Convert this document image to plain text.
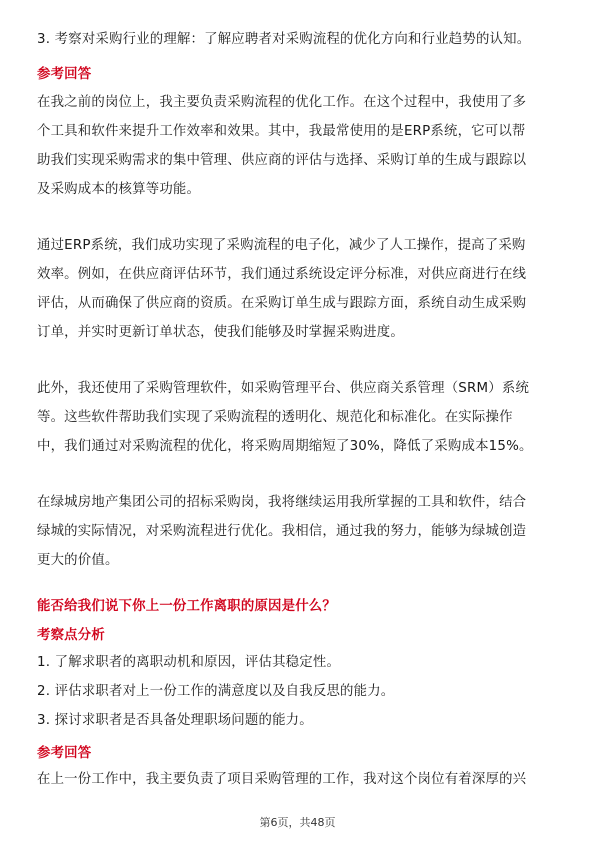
3. 考察对采购行业的理解：了解应聘者对采购流程的优化方向和行业趋势的认知。
参考回答
在我之前的岗位上，我主要负责采购流程的优化工作。在这个过程中，我使用了多
个工具和软件来提升工作效率和效果。其中，我最常使用的是ERP系统，它可以帮
助我们实现采购需求的集中管理、供应商的评估与选择、采购订单的生成与跟踪以
及采购成本的核算等功能。
通过ERP系统，我们成功实现了采购流程的电子化，减少了人工操作，提高了采购
效率。例如，在供应商评估环节，我们通过系统设定评分标准，对供应商进行在线
评估，从而确保了供应商的资质。在采购订单生成与跟踪方面，系统自动生成采购
订单，并实时更新订单状态，使我们能够及时掌握采购进度。
此外，我还使用了采购管理软件，如采购管理平台、供应商关系管理（SRM）系统
等。这些软件帮助我们实现了采购流程的透明化、规范化和标准化。在实际操作
中，我们通过对采购流程的优化，将采购周期缩短了30%，降低了采购成本15%。
在绿城房地产集团公司的招标采购岗，我将继续运用我所掌握的工具和软件，结合
绿城的实际情况，对采购流程进行优化。我相信，通过我的努力，能够为绿城创造
更大的价值。
能否给我们说下你上一份工作离职的原因是什么？
考察点分析
1. 了解求职者的离职动机和原因，评估其稳定性。
2. 评估求职者对上一份工作的满意度以及自我反思的能力。
3. 探讨求职者是否具备处理职场问题的能力。
参考回答
在上一份工作中，我主要负责了项目采购管理的工作，我对这个岗位有着深厚的兴
第6页，共48页
